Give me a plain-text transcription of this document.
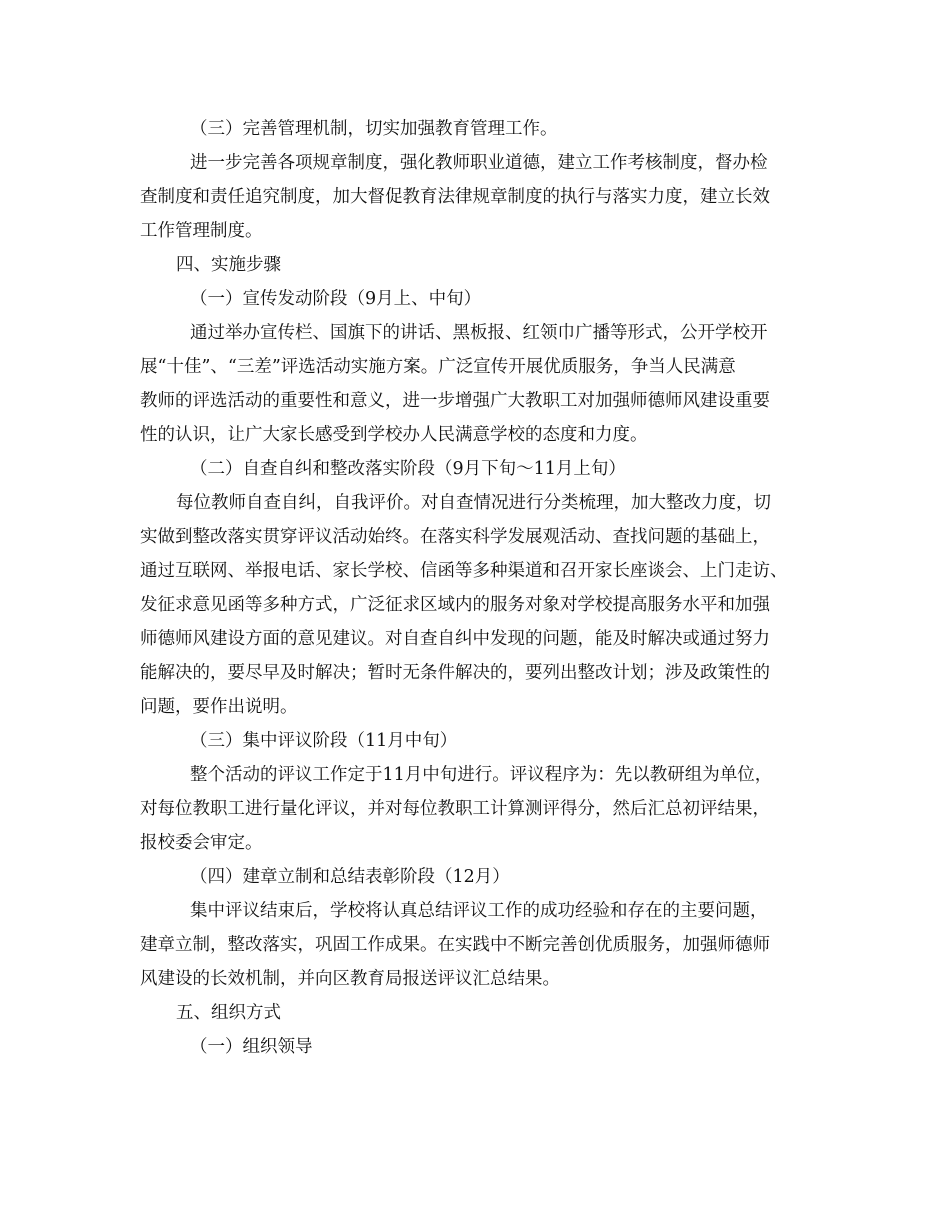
（三）完善管理机制，切实加强教育管理工作。
进一步完善各项规章制度，强化教师职业道德，建立工作考核制度，督办检
查制度和责任追究制度，加大督促教育法律规章制度的执行与落实力度，建立长效
工作管理制度。
四、实施步骤
（一）宣传发动阶段（9月上、中旬）
通过举办宣传栏、国旗下的讲话、黑板报、红领巾广播等形式，公开学校开
展“十佳”、“三差”评选活动实施方案。广泛宣传开展优质服务，争当人民满意
教师的评选活动的重要性和意义，进一步增强广大教职工对加强师德师风建设重要
性的认识，让广大家长感受到学校办人民满意学校的态度和力度。
（二）自查自纠和整改落实阶段（9月下旬～11月上旬）
每位教师自查自纠，自我评价。对自查情况进行分类梳理，加大整改力度，切
实做到整改落实贯穿评议活动始终。在落实科学发展观活动、查找问题的基础上，
通过互联网、举报电话、家长学校、信函等多种渠道和召开家长座谈会、上门走访、
发征求意见函等多种方式，广泛征求区域内的服务对象对学校提高服务水平和加强
师德师风建设方面的意见建议。对自查自纠中发现的问题，能及时解决或通过努力
能解决的，要尽早及时解决；暂时无条件解决的，要列出整改计划；涉及政策性的
问题，要作出说明。
（三）集中评议阶段（11月中旬）
整个活动的评议工作定于11月中旬进行。评议程序为：先以教研组为单位，
对每位教职工进行量化评议，并对每位教职工计算测评得分，然后汇总初评结果，
报校委会审定。
（四）建章立制和总结表彰阶段（12月）
集中评议结束后，学校将认真总结评议工作的成功经验和存在的主要问题，
建章立制，整改落实，巩固工作成果。在实践中不断完善创优质服务，加强师德师
风建设的长效机制，并向区教育局报送评议汇总结果。
五、组织方式
（一）组织领导
